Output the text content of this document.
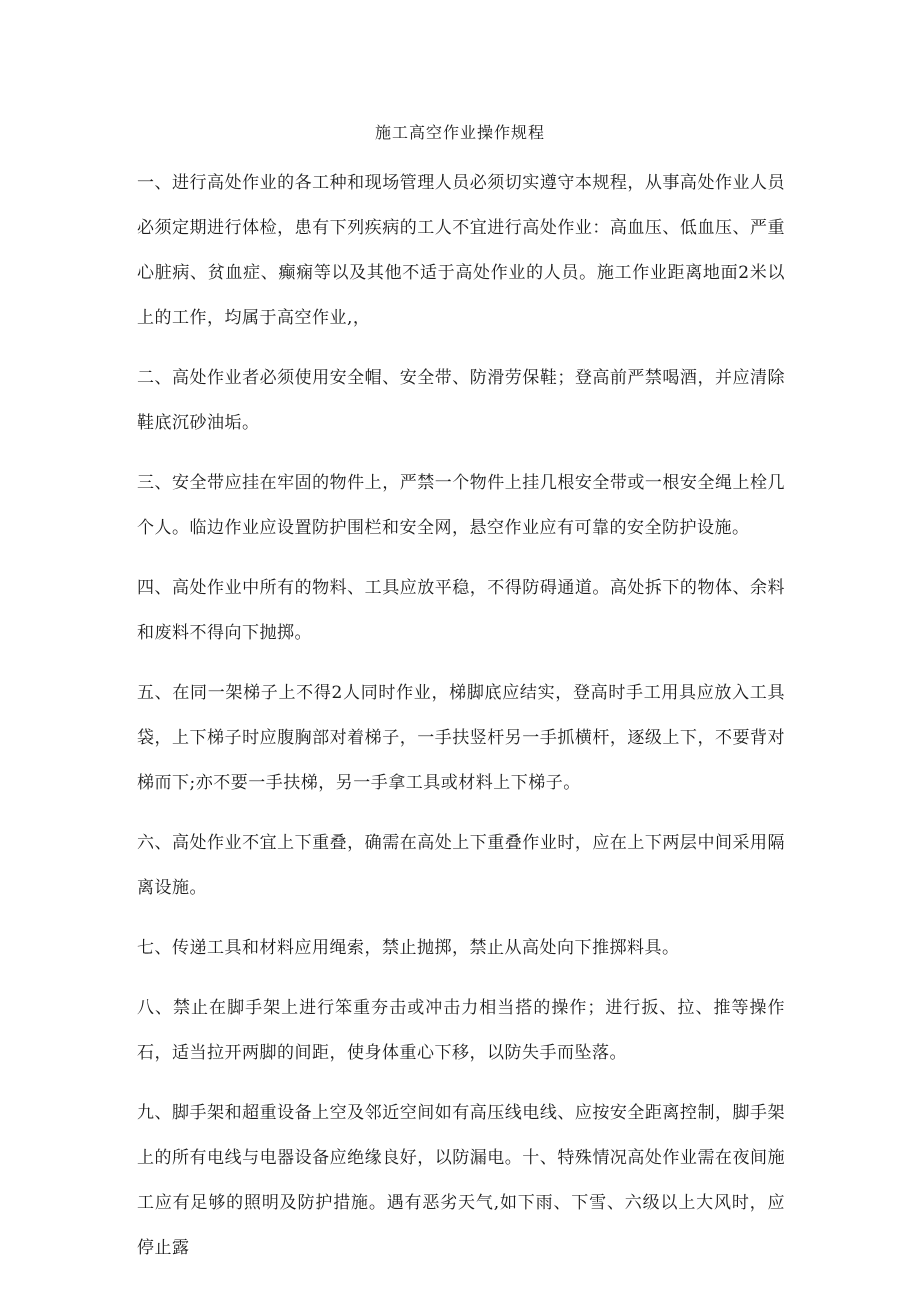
施工高空作业操作规程

一、进行高处作业的各工种和现场管理人员必须切实遵守本规程，从事高处作业人员必须定期进行体检，患有下列疾病的工人不宜进行高处作业：高血压、低血压、严重心脏病、贫血症、癫痫等以及其他不适于高处作业的人员。施工作业距离地面2米以上的工作，均属于高空作业,，

二、高处作业者必须使用安全帽、安全带、防滑劳保鞋；登高前严禁喝酒，并应清除鞋底沉砂油垢。

三、安全带应挂在牢固的物件上，严禁一个物件上挂几根安全带或一根安全绳上栓几个人。临边作业应设置防护围栏和安全网，悬空作业应有可靠的安全防护设施。

四、高处作业中所有的物料、工具应放平稳，不得防碍通道。高处拆下的物体、余料和废料不得向下抛掷。

五、在同一架梯子上不得2人同时作业，梯脚底应结实，登高时手工用具应放入工具袋，上下梯子时应腹胸部对着梯子，一手扶竖杆另一手抓横杆，逐级上下，不要背对梯而下;亦不要一手扶梯，另一手拿工具或材料上下梯子。

六、高处作业不宜上下重叠，确需在高处上下重叠作业时，应在上下两层中间采用隔离设施。

七、传递工具和材料应用绳索，禁止抛掷，禁止从高处向下推掷料具。

八、禁止在脚手架上进行笨重夯击或冲击力相当搭的操作；进行扳、拉、推等操作石，适当拉开两脚的间距，使身体重心下移，以防失手而坠落。

九、脚手架和超重设备上空及邻近空间如有高压线电线、应按安全距离控制，脚手架上的所有电线与电器设备应绝缘良好，以防漏电。十、特殊情况高处作业需在夜间施工应有足够的照明及防护措施。遇有恶劣天气,如下雨、下雪、六级以上大风时，应停止露
